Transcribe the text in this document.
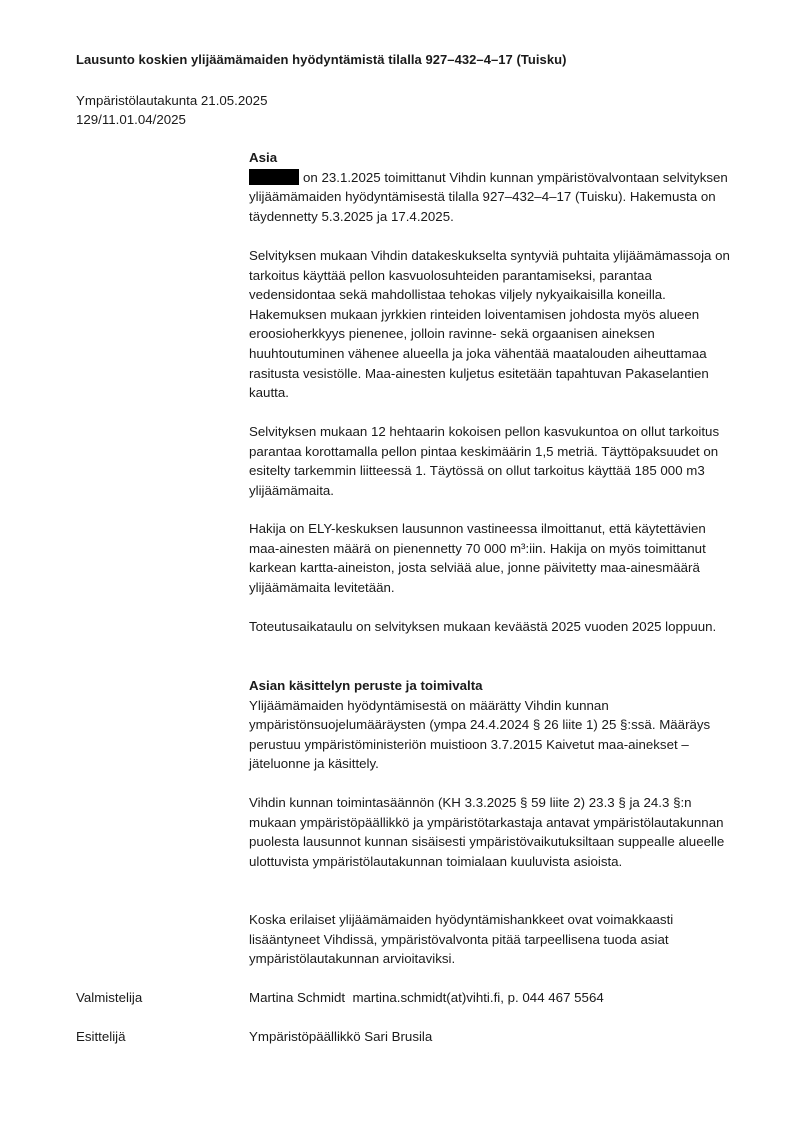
Lausunto koskien ylijäämämaiden hyödyntämistä tilalla 927–432–4–17 (Tuisku)
Ympäristölautakunta 21.05.2025
129/11.01.04/2025

Asia

on 23.1.2025 toimittanut Vihdin kunnan ympäristövalvontaan selvityksen ylijäämämaiden hyödyntämisestä tilalla 927–432–4–17 (Tuisku). Hakemusta on täydennetty 5.3.2025 ja 17.4.2025.

Selvityksen mukaan Vihdin datakeskukselta syntyviä puhtaita ylijäämämassoja on tarkoitus käyttää pellon kasvuolosuhteiden parantamiseksi, parantaa vedensidontaa sekä mahdollistaa tehokas viljely nykyaikaisilla koneilla. Hakemuksen mukaan jyrkkien rinteiden loiventamisen johdosta myös alueen eroosioherkkyys pienenee, jolloin ravinne- sekä orgaanisen aineksen huuhtoutuminen vähenee alueella ja joka vähentää maatalouden aiheuttamaa rasitusta vesistölle. Maa-ainesten kuljetus esitetään tapahtuvan Pakaselantien kautta.
Selvityksen mukaan 12 hehtaarin kokoisen pellon kasvukuntoa on ollut tarkoitus parantaa korottamalla pellon pintaa keskimäärin 1,5 metriä. Täyttöpaksuudet on esitelty tarkemmin liitteessä 1. Täytössä on ollut tarkoitus käyttää 185 000 m3 ylijäämämaita.
Hakija on ELY-keskuksen lausunnon vastineessa ilmoittanut, että käytettävien maa-ainesten määrä on pienennetty 70 000 m³:iin. Hakija on myös toimittanut karkean kartta-aineiston, josta selviää alue, jonne päivitetty maa-ainesmäärä ylijäämämaita levitetään.
Toteutusaikataulu on selvityksen mukaan keväästä 2025 vuoden 2025 loppuun.

Asian käsittelyn peruste ja toimivalta

Ylijäämämaiden hyödyntämisestä on määrätty Vihdin kunnan ympäristönsuojelumääräysten (ympa 24.4.2024 § 26 liite 1) 25 §:ssä. Määräys perustuu ympäristöministeriön muistioon 3.7.2015 Kaivetut maa-ainekset – jäteluonne ja käsittely.

Vihdin kunnan toimintasäännön (KH 3.3.2025 § 59 liite 2) 23.3 § ja 24.3 §:n mukaan ympäristöpäällikkö ja ympäristötarkastaja antavat ympäristölautakunnan puolesta lausunnot kunnan sisäisesti ympäristövaikutuksiltaan suppealle alueelle ulottuvista ympäristölautakunnan toimialaan kuuluvista asioista.
Koska erilaiset ylijäämämaiden hyödyntämishankkeet ovat voimakkaasti lisääntyneet Vihdissä, ympäristövalvonta pitää tarpeellisena tuoda asiat ympäristölautakunnan arvioitaviksi.
Valmistelija	Martina Schmidt  martina.schmidt(at)vihti.fi, p. 044 467 5564
Esittelijä	Ympäristöpäällikkö Sari Brusila
